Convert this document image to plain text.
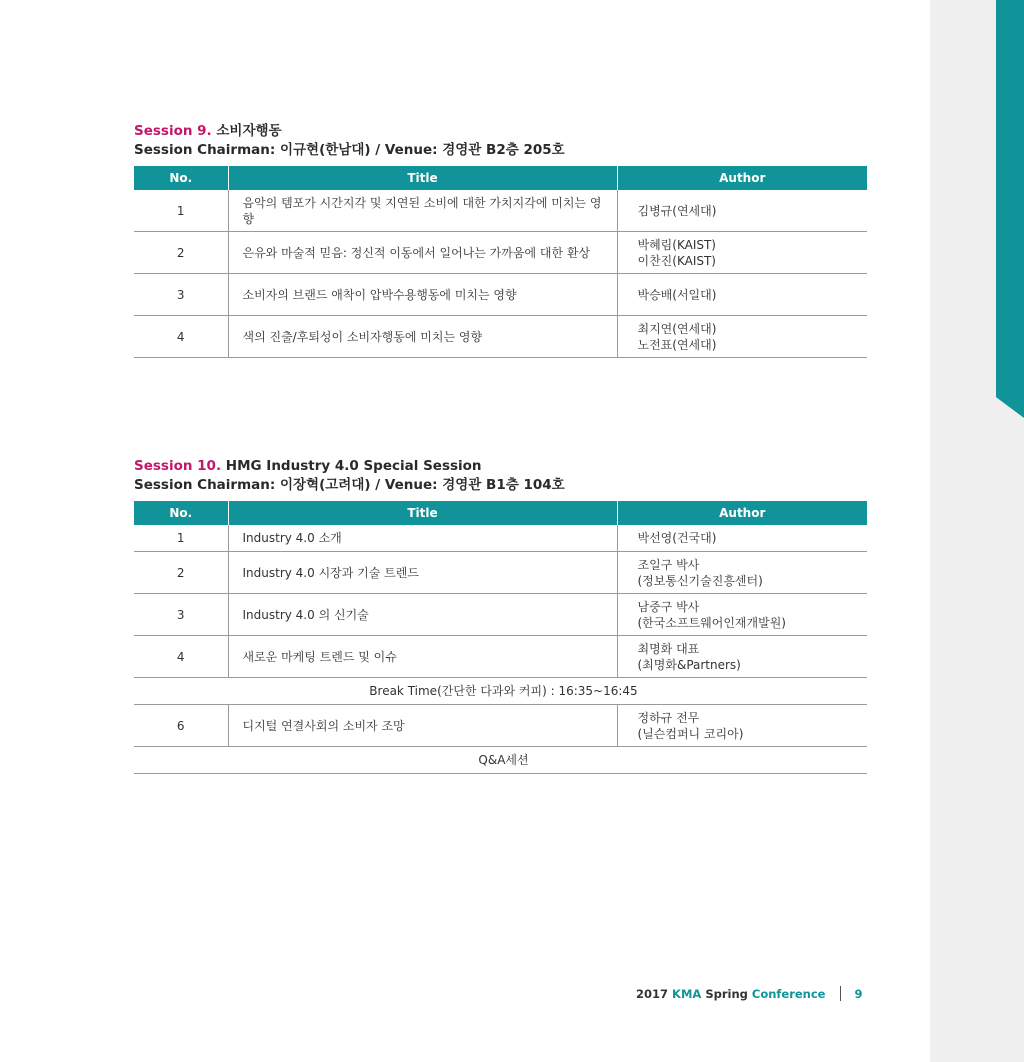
Session 9. 소비자행동
Session Chairman: 이규현(한남대) / Venue: 경영관 B2층 205호
No.	Title	Author
1	음악의 템포가 시간지각 및 지연된 소비에 대한 가치지각에 미치는 영향	김병규(연세대)
2	은유와 마술적 믿음: 정신적 이동에서 일어나는 가까움에 대한 환상	박혜림(KAIST)
이찬진(KAIST)
3	소비자의 브랜드 애착이 압박수용행동에 미치는 영향	박승배(서일대)
4	색의 진출/후퇴성이 소비자행동에 미치는 영향	최지연(연세대)
노전표(연세대)
Session 10. HMG Industry 4.0 Special Session
Session Chairman: 이장혁(고려대) / Venue: 경영관 B1층 104호
No.	Title	Author
1	Industry 4.0 소개	박선영(건국대)
2	Industry 4.0 시장과 기술 트렌드	조일구 박사
(정보통신기술진흥센터)
3	Industry 4.0 의 신기술	남중구 박사
(한국소프트웨어인재개발원)
4	새로운 마케팅 트렌드 및 이슈	최명화 대표
(최명화&Partners)
Break Time(간단한 다과와 커피) : 16:35~16:45		
6	디지털 연결사회의 소비자 조망	정하규 전무
(닐슨컴퍼니 코리아)
Q&A세션		
2017 KMA Spring Conference	9
